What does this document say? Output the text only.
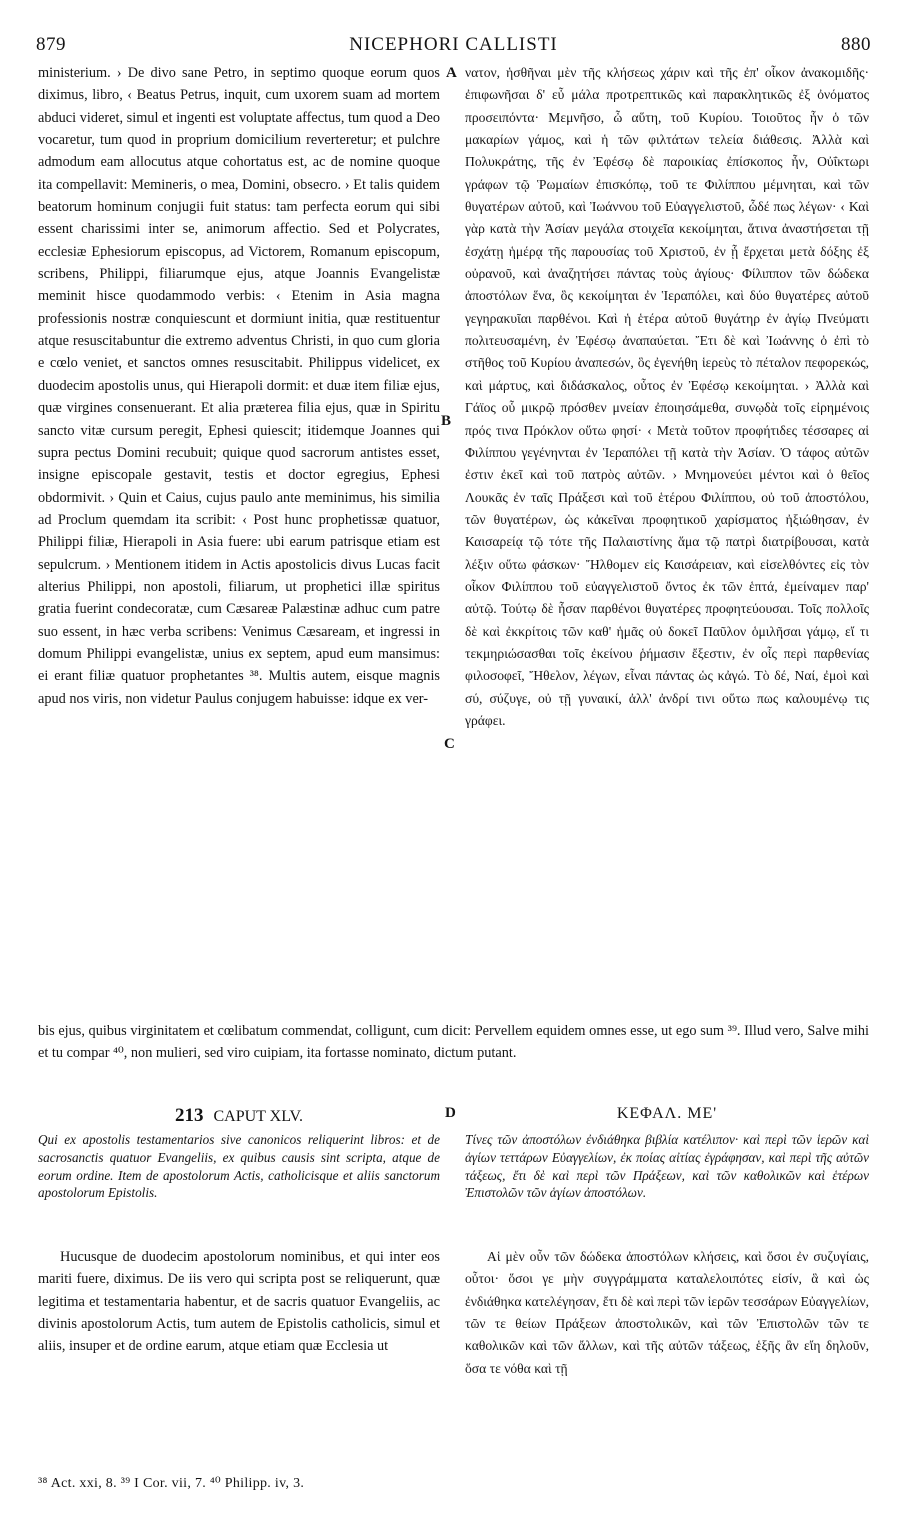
879	NICEPHORI CALLISTI	880
A
B
C

ministerium. › De divo sane Petro, in septimo quoque eorum quos diximus, libro, ‹ Beatus Petrus, inquit, cum uxorem suam ad mortem abduci videret, simul et ingenti est voluptate affectus, tum quod a Deo vocaretur, tum quod in proprium domicilium reverteretur; et pulchre admodum eam allocutus atque cohortatus est, ac de nomine quoque ita compellavit: Memineris, o mea, Domini, obsecro. › Et talis quidem beatorum hominum conjugii fuit status: tam perfecta eorum qui sibi essent charissimi inter se, animorum affectio. Sed et Polycrates, ecclesiæ Ephesiorum episcopus, ad Victorem, Romanum episcopum, scribens, Philippi, filiarumque ejus, atque Joannis Evangelistæ meminit hisce quodammodo verbis: ‹ Etenim in Asia magna professionis nostræ conquiescunt et dormiunt initia, quæ restituentur atque resuscitabuntur die extremo adventus Christi, in quo cum gloria e cœlo veniet, et sanctos omnes resuscitabit. Philippus videlicet, ex duodecim apostolis unus, qui Hierapoli dormit: et duæ item filiæ ejus, quæ virgines consenuerant. Et alia præterea filia ejus, quæ in Spiritu sancto vitæ cursum peregit, Ephesi quiescit; itidemque Joannes qui supra pectus Domini recubuit; quique quod sacrorum antistes esset, insigne episcopale gestavit, testis et doctor egregius, Ephesi obdormivit. › Quin et Caius, cujus paulo ante meminimus, his similia ad Proclum quemdam ita scribit: ‹ Post hunc prophetissæ quatuor, Philippi filiæ, Hierapoli in Asia fuere: ubi earum patrisque etiam est sepulcrum. › Mentionem itidem in Actis apostolicis divus Lucas facit alterius Philippi, non apostoli, filiarum, ut prophetici illæ spiritus gratia fuerint condecoratæ, cum Cæsareæ Palæstinæ adhuc cum patre suo essent, in hæc verba scribens: Venimus Cæsaream, et ingressi in domum Philippi evangelistæ, unius ex septem, apud eum mansimus: ei erant filiæ quatuor prophetantes ³⁸. Multis autem, eisque magnis apud nos viris, non videtur Paulus conjugem habuisse: idque ex ver-

νατον, ἡσθῆναι μὲν τῆς κλήσεως χάριν καὶ τῆς ἐπ' οἶκον ἀνακομιδῆς· ἐπιφωνῆσαι δ' εὖ μάλα προτρεπτικῶς καὶ παρακλητικῶς ἐξ ὀνόματος προσειπόντα· Μεμνῆσο, ὦ αὕτη, τοῦ Κυρίου. Τοιοῦτος ἦν ὁ τῶν μακαρίων γάμος, καὶ ἡ τῶν φιλτάτων τελεία διάθεσις. Ἀλλὰ καὶ Πολυκράτης, τῆς ἐν Ἐφέσῳ δὲ παροικίας ἐπίσκοπος ἦν, Οὐΐκτωρι γράφων τῷ Ῥωμαίων ἐπισκόπῳ, τοῦ τε Φιλίππου μέμνηται, καὶ τῶν θυγατέρων αὐτοῦ, καὶ Ἰωάννου τοῦ Εὐαγγελιστοῦ, ὧδέ πως λέγων· ‹ Καὶ γὰρ κατὰ τὴν Ἀσίαν μεγάλα στοιχεῖα κεκοίμηται, ἅτινα ἀναστήσεται τῇ ἐσχάτῃ ἡμέρᾳ τῆς παρουσίας τοῦ Χριστοῦ, ἐν ᾗ ἔρχεται μετὰ δόξης ἐξ οὐρανοῦ, καὶ ἀναζητήσει πάντας τοὺς ἁγίους· Φίλιππον τῶν δώδεκα ἀποστόλων ἕνα, ὃς κεκοίμηται ἐν Ἱεραπόλει, καὶ δύο θυγατέρες αὐτοῦ γεγηρακυῖαι παρθένοι. Καὶ ἡ ἑτέρα αὐτοῦ θυγάτηρ ἐν ἁγίῳ Πνεύματι πολιτευσαμένη, ἐν Ἐφέσῳ ἀναπαύεται. Ἔτι δὲ καὶ Ἰωάννης ὁ ἐπὶ τὸ στῆθος τοῦ Κυρίου ἀναπεσών, ὃς ἐγενήθη ἱερεὺς τὸ πέταλον πεφορεκώς, καὶ μάρτυς, καὶ διδάσκαλος, οὗτος ἐν Ἐφέσῳ κεκοίμηται. › Ἀλλὰ καὶ Γάϊος οὗ μικρῷ πρόσθεν μνείαν ἐποιησάμεθα, συνῳδὰ τοῖς εἰρημένοις πρός τινα Πρόκλον οὕτω φησί· ‹ Μετὰ τοῦτον προφήτιδες τέσσαρες αἱ Φιλίππου γεγένηνται ἐν Ἱεραπόλει τῇ κατὰ τὴν Ἀσίαν. Ὁ τάφος αὐτῶν ἐστιν ἐκεῖ καὶ τοῦ πατρὸς αὐτῶν. › Μνημονεύει μέντοι καὶ ὁ θεῖος Λουκᾶς ἐν ταῖς Πράξεσι καὶ τοῦ ἑτέρου Φιλίππου, οὐ τοῦ ἀποστόλου, τῶν θυγατέρων, ὡς κἀκεῖναι προφητικοῦ χαρίσματος ἠξιώθησαν, ἐν Καισαρείᾳ τῷ τότε τῆς Παλαιστίνης ἅμα τῷ πατρὶ διατρίβουσαι, κατὰ λέξιν οὕτω φάσκων· Ἤλθομεν εἰς Καισάρειαν, καὶ εἰσελθόντες εἰς τὸν οἶκον Φιλίππου τοῦ εὐαγγελιστοῦ ὄντος ἐκ τῶν ἑπτά, ἐμείναμεν παρ' αὐτῷ. Τούτῳ δὲ ἦσαν παρθένοι θυγατέρες προφητεύουσαι. Τοῖς πολλοῖς δὲ καὶ ἐκκρίτοις τῶν καθ' ἡμᾶς οὐ δοκεῖ Παῦλον ὁμιλῆσαι γάμῳ, εἴ τι τεκμηριώσασθαι τοῖς ἐκείνου ῥήμασιν ἔξεστιν, ἐν οἷς περὶ παρθενίας φιλοσοφεῖ, Ἤθελον, λέγων, εἶναι πάντας ὡς κἀγώ. Τὸ δέ, Ναί, ἐμοὶ καὶ σύ, σύζυγε, οὐ τῇ γυναικί, ἀλλ' ἀνδρί τινι οὕτω πως καλουμένῳ τις γράφει.

bis ejus, quibus virginitatem et cœlibatum commendat, colligunt, cum dicit: Pervellem equidem omnes esse, ut ego sum ³⁹. Illud vero, Salve mihi et tu compar ⁴⁰, non mulieri, sed viro cuipiam, ita fortasse nominato, dictum putant.
213 CAPUT XLV.	D	ΚΕΦΑΛ. ΜΕ'
Qui ex apostolis testamentarios sive canonicos reliquerint libros: et de sacrosanctis quatuor Evangeliis, ex quibus causis sint scripta, atque de eorum ordine. Item de apostolorum Actis, catholicisque et aliis sanctorum apostolorum Epistolis.
Τίνες τῶν ἀποστόλων ἐνδιάθηκα βιβλία κατέλιπον· καὶ περὶ τῶν ἱερῶν καὶ ἁγίων τεττάρων Εὐαγγελίων, ἐκ ποίας αἰτίας ἐγράφησαν, καὶ περὶ τῆς αὐτῶν τάξεως, ἔτι δὲ καὶ περὶ τῶν Πράξεων, καὶ τῶν καθολικῶν καὶ ἑτέρων Ἐπιστολῶν τῶν ἁγίων ἀποστόλων.
Hucusque de duodecim apostolorum nominibus, et qui inter eos mariti fuere, diximus. De iis vero qui scripta post se reliquerunt, quæ legitima et testamentaria habentur, et de sacris quatuor Evangeliis, ac divinis apostolorum Actis, tum autem de Epistolis catholicis, simul et aliis, insuper et de ordine earum, atque etiam quæ Ecclesia ut
Αἱ μὲν οὖν τῶν δώδεκα ἀποστόλων κλήσεις, καὶ ὅσοι ἐν συζυγίαις, οὗτοι· ὅσοι γε μὴν συγγράμματα καταλελοιπότες εἰσίν, ἃ καὶ ὡς ἐνδιάθηκα κατελέγησαν, ἔτι δὲ καὶ περὶ τῶν ἱερῶν τεσσάρων Εὐαγγελίων, τῶν τε θείων Πράξεων ἀποστολικῶν, καὶ τῶν Ἐπιστολῶν τῶν τε καθολικῶν καὶ τῶν ἄλλων, καὶ τῆς αὐτῶν τάξεως, ἑξῆς ἂν εἴη δηλοῦν, ὅσα τε νόθα καὶ τῇ
³⁸ Act. xxi, 8. ³⁹ I Cor. vii, 7. ⁴⁰ Philipp. iv, 3.
